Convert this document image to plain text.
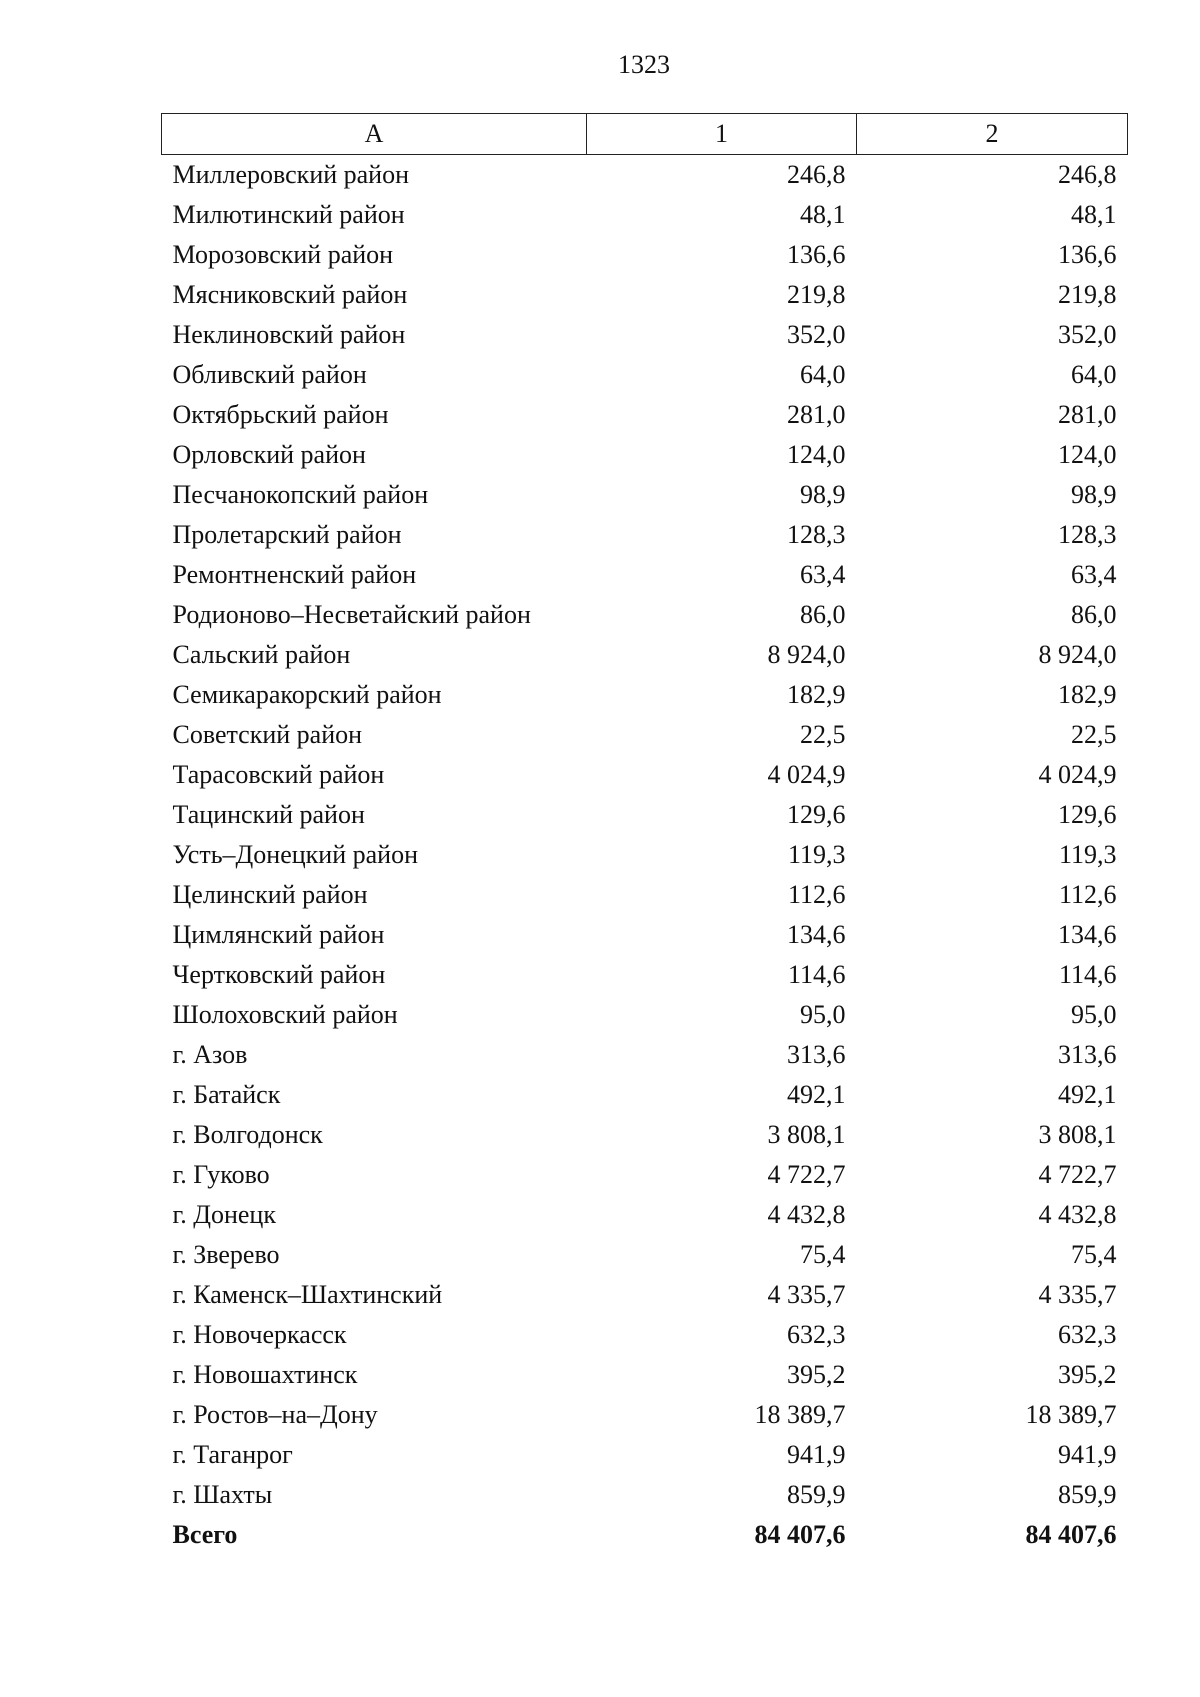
1323
А	1	2
Миллеровский район	246,8	246,8
Милютинский район	48,1	48,1
Морозовский район	136,6	136,6
Мясниковский район	219,8	219,8
Неклиновский район	352,0	352,0
Обливский район	64,0	64,0
Октябрьский район	281,0	281,0
Орловский район	124,0	124,0
Песчанокопский район	98,9	98,9
Пролетарский район	128,3	128,3
Ремонтненский район	63,4	63,4
Родионово–Несветайский район	86,0	86,0
Сальский район	8 924,0	8 924,0
Семикаракорский район	182,9	182,9
Советский район	22,5	22,5
Тарасовский район	4 024,9	4 024,9
Тацинский район	129,6	129,6
Усть–Донецкий район	119,3	119,3
Целинский район	112,6	112,6
Цимлянский район	134,6	134,6
Чертковский район	114,6	114,6
Шолоховский район	95,0	95,0
г. Азов	313,6	313,6
г. Батайск	492,1	492,1
г. Волгодонск	3 808,1	3 808,1
г. Гуково	4 722,7	4 722,7
г. Донецк	4 432,8	4 432,8
г. Зверево	75,4	75,4
г. Каменск–Шахтинский	4 335,7	4 335,7
г. Новочеркасск	632,3	632,3
г. Новошахтинск	395,2	395,2
г. Ростов–на–Дону	18 389,7	18 389,7
г. Таганрог	941,9	941,9
г. Шахты	859,9	859,9
Всего	84 407,6	84 407,6
